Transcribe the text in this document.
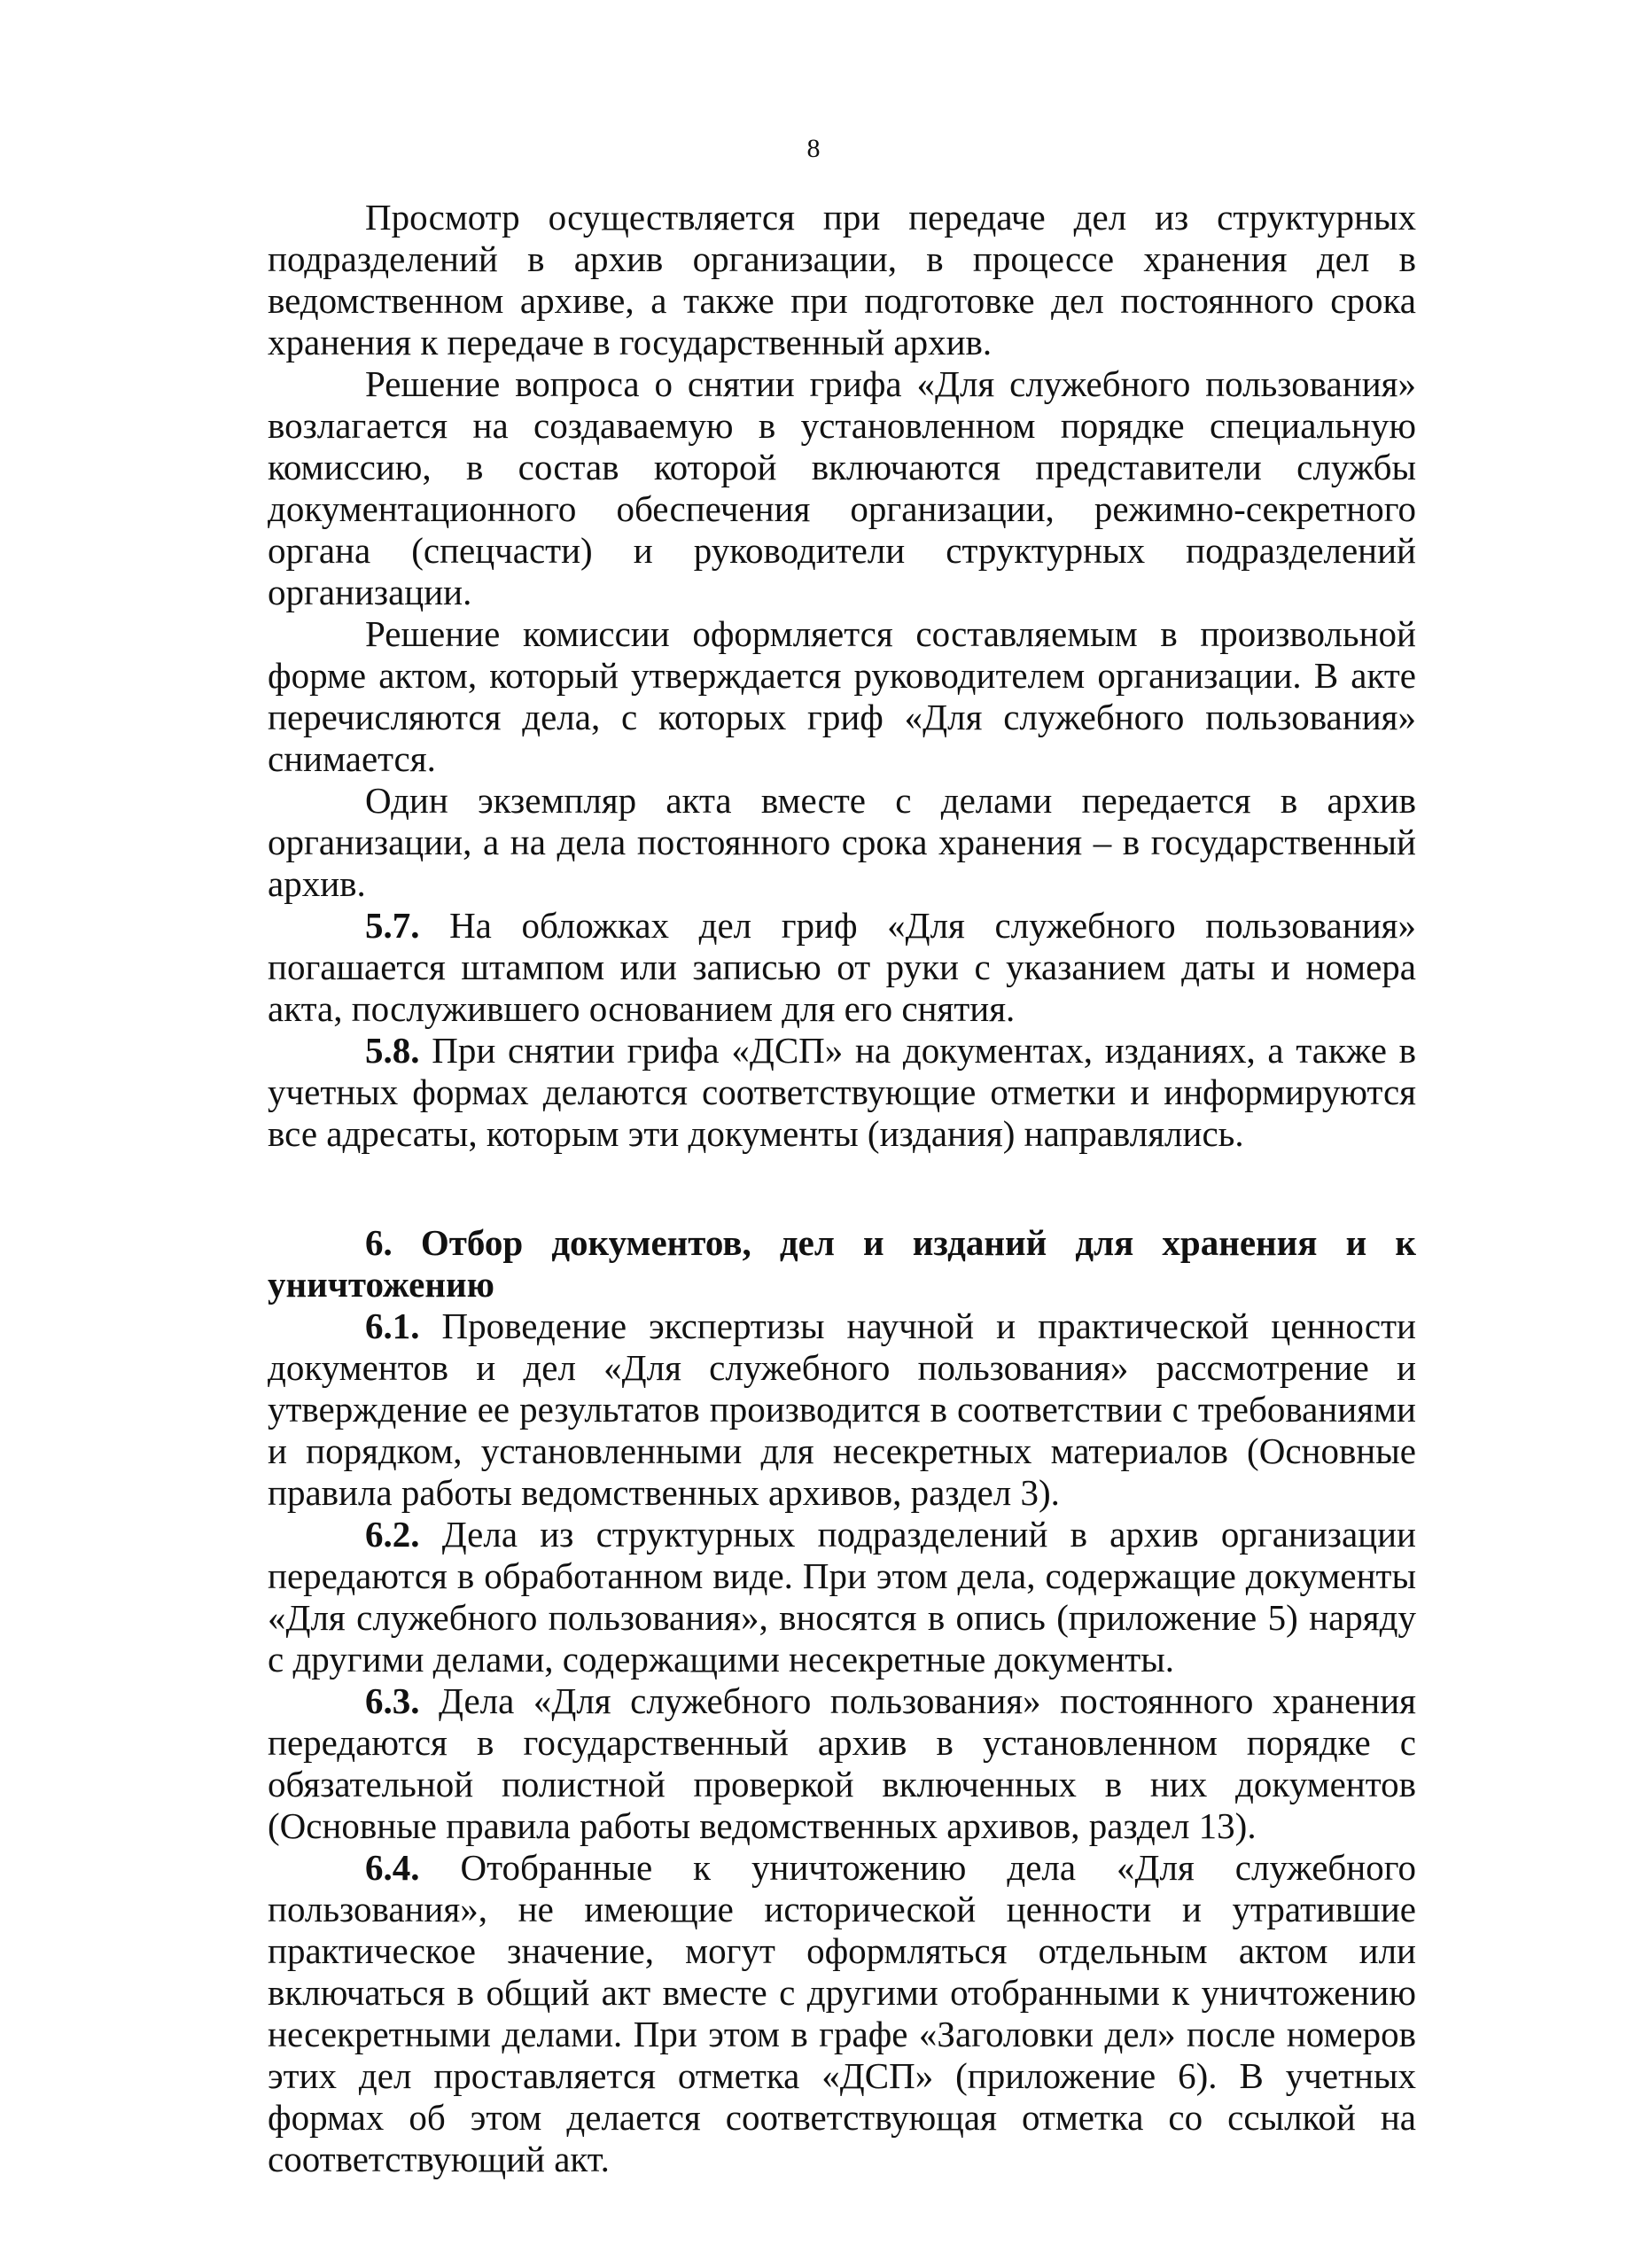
8

Просмотр осуществляется при передаче дел из структурных подразделений в архив организации, в процессе хранения дел в ведомственном архиве, а также при подготовке дел постоянного срока хранения к передаче в государственный архив.

Решение вопроса о снятии грифа «Для служебного пользования» возлагается на создаваемую в установленном порядке специальную комиссию, в состав которой включаются представители службы документационного обеспечения организации, режимно-секретного органа (спецчасти) и руководители структурных подразделений организации.

Решение комиссии оформляется составляемым в произвольной форме актом, который утверждается руководителем организации. В акте перечисляются дела, с которых гриф «Для служебного пользования» снимается.

Один экземпляр акта вместе с делами передается в архив организации, а на дела постоянного срока хранения – в государственный архив.

5.7. На обложках дел гриф «Для служебного пользования» погашается штампом или записью от руки с указанием даты и номера акта, послужившего основанием для его снятия.

5.8. При снятии грифа «ДСП» на документах, изданиях, а также в учетных формах делаются соответствующие отметки и информируются все адресаты, которым эти документы (издания) направлялись.

6. Отбор документов, дел и изданий для хранения и к уничтожению

6.1. Проведение экспертизы научной и практической ценности документов и дел «Для служебного пользования» рассмотрение и утверждение ее результатов производится в соответствии с требованиями и порядком, установленными для несекретных материалов (Основные правила работы ведомственных архивов, раздел 3).

6.2. Дела из структурных подразделений в архив организации передаются в обработанном виде. При этом дела, содержащие документы «Для служебного пользования», вносятся в опись (приложение 5) наряду с другими делами, содержащими несекретные документы.

6.3. Дела «Для служебного пользования» постоянного хранения передаются в государственный архив в установленном порядке с обязательной полистной проверкой включенных в них документов (Основные правила работы ведомственных архивов, раздел 13).

6.4. Отобранные к уничтожению дела «Для служебного пользования», не имеющие исторической ценности и утратившие практическое значение, могут оформляться отдельным актом или включаться в общий акт вместе с другими отобранными к уничтожению несекретными делами. При этом в графе «Заголовки дел» после номеров этих дел проставляется отметка «ДСП» (приложение 6). В учетных формах об этом делается соответствующая отметка со ссылкой на соответствующий акт.
